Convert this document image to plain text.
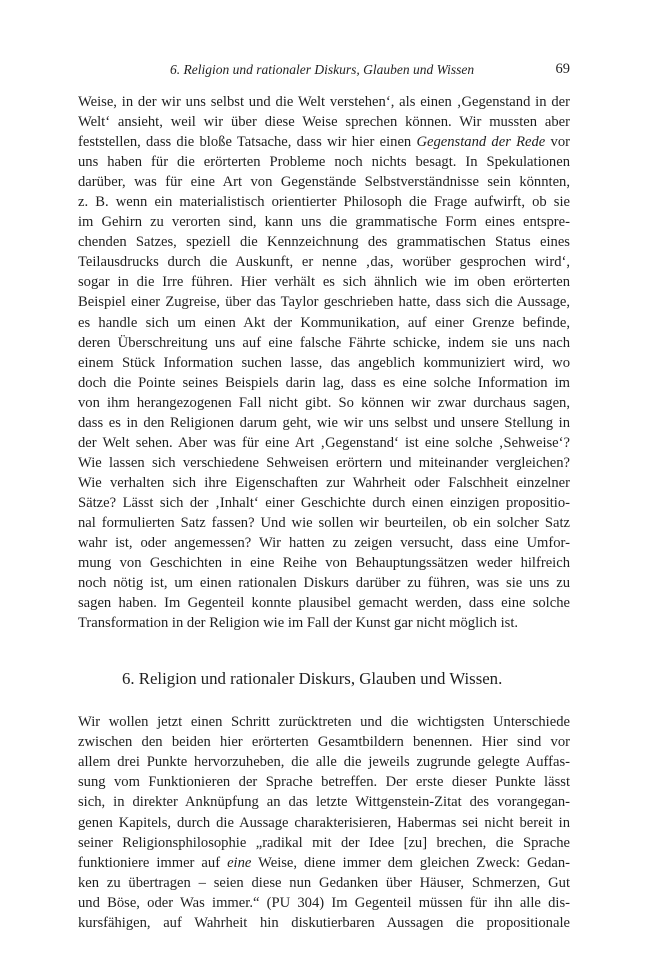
6. Religion und rationaler Diskurs, Glauben und Wissen	69
Weise, in der wir uns selbst und die Welt verstehen‘, als einen ‚Gegenstand in der
Welt‘ ansieht, weil wir über diese Weise sprechen können. Wir mussten aber
feststellen, dass die bloße Tatsache, dass wir hier einen Gegenstand der Rede vor
uns haben für die erörterten Probleme noch nichts besagt. In Spekulationen
darüber, was für eine Art von Gegenstände Selbstverständnisse sein könnten,
z. B. wenn ein materialistisch orientierter Philosoph die Frage aufwirft, ob sie
im Gehirn zu verorten sind, kann uns die grammatische Form eines entspre-
chenden Satzes, speziell die Kennzeichnung des grammatischen Status eines
Teilausdrucks durch die Auskunft, er nenne ‚das, worüber gesprochen wird‘,
sogar in die Irre führen. Hier verhält es sich ähnlich wie im oben erörterten
Beispiel einer Zugreise, über das Taylor geschrieben hatte, dass sich die Aussage,
es handle sich um einen Akt der Kommunikation, auf einer Grenze befinde,
deren Überschreitung uns auf eine falsche Fährte schicke, indem sie uns nach
einem Stück Information suchen lasse, das angeblich kommuniziert wird, wo
doch die Pointe seines Beispiels darin lag, dass es eine solche Information im
von ihm herangezogenen Fall nicht gibt. So können wir zwar durchaus sagen,
dass es in den Religionen darum geht, wie wir uns selbst und unsere Stellung in
der Welt sehen. Aber was für eine Art ‚Gegenstand‘ ist eine solche ‚Sehweise‘?
Wie lassen sich verschiedene Sehweisen erörtern und miteinander vergleichen?
Wie verhalten sich ihre Eigenschaften zur Wahrheit oder Falschheit einzelner
Sätze? Lässt sich der ‚Inhalt‘ einer Geschichte durch einen einzigen propositio-
nal formulierten Satz fassen? Und wie sollen wir beurteilen, ob ein solcher Satz
wahr ist, oder angemessen? Wir hatten zu zeigen versucht, dass eine Umfor-
mung von Geschichten in eine Reihe von Behauptungssätzen weder hilfreich
noch nötig ist, um einen rationalen Diskurs darüber zu führen, was sie uns zu
sagen haben. Im Gegenteil konnte plausibel gemacht werden, dass eine solche
Transformation in der Religion wie im Fall der Kunst gar nicht möglich ist.
6. Religion und rationaler Diskurs, Glauben und Wissen.
Wir wollen jetzt einen Schritt zurücktreten und die wichtigsten Unterschiede
zwischen den beiden hier erörterten Gesamtbildern benennen. Hier sind vor
allem drei Punkte hervorzuheben, die alle die jeweils zugrunde gelegte Auffas-
sung vom Funktionieren der Sprache betreffen. Der erste dieser Punkte lässt
sich, in direkter Anknüpfung an das letzte Wittgenstein-Zitat des vorangegan-
genen Kapitels, durch die Aussage charakterisieren, Habermas sei nicht bereit in
seiner Religionsphilosophie „radikal mit der Idee [zu] brechen, die Sprache
funktioniere immer auf eine Weise, diene immer dem gleichen Zweck: Gedan-
ken zu übertragen – seien diese nun Gedanken über Häuser, Schmerzen, Gut
und Böse, oder Was immer.“ (PU 304) Im Gegenteil müssen für ihn alle dis-
kursfähigen, auf Wahrheit hin diskutierbaren Aussagen die propositionale
